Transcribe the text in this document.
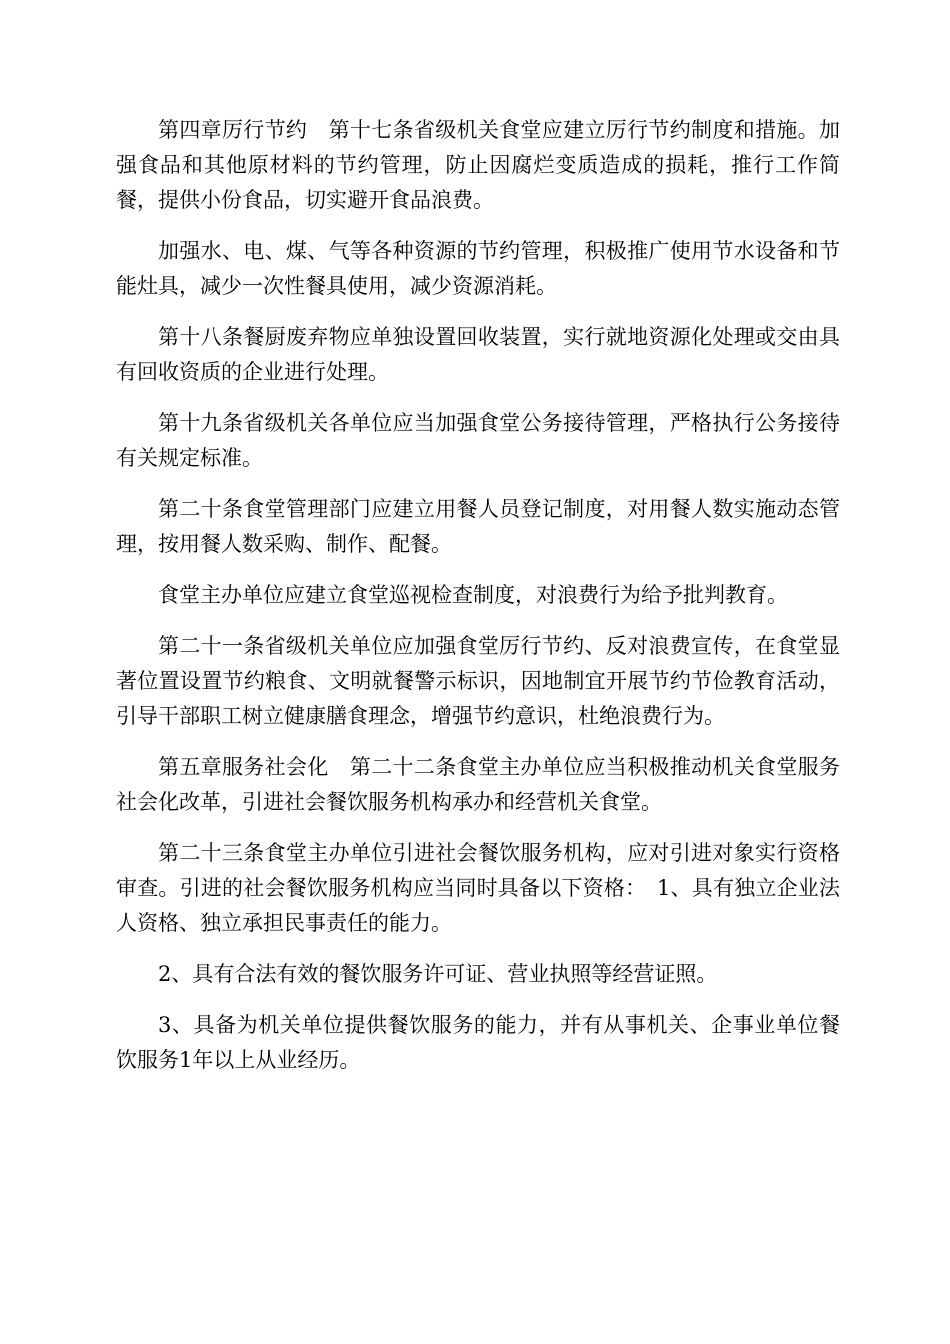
第四章厉行节约　第十七条省级机关食堂应建立厉行节约制度和措施。加强食品和其他原材料的节约管理，防止因腐烂变质造成的损耗，推行工作简餐，提供小份食品，切实避开食品浪费。

加强水、电、煤、气等各种资源的节约管理，积极推广使用节水设备和节能灶具，减少一次性餐具使用，减少资源消耗。

第十八条餐厨废弃物应单独设置回收装置，实行就地资源化处理或交由具有回收资质的企业进行处理。

第十九条省级机关各单位应当加强食堂公务接待管理，严格执行公务接待有关规定标准。

第二十条食堂管理部门应建立用餐人员登记制度，对用餐人数实施动态管理，按用餐人数采购、制作、配餐。

食堂主办单位应建立食堂巡视检查制度，对浪费行为给予批判教育。

第二十一条省级机关单位应加强食堂厉行节约、反对浪费宣传，在食堂显著位置设置节约粮食、文明就餐警示标识，因地制宜开展节约节俭教育活动，引导干部职工树立健康膳食理念，增强节约意识，杜绝浪费行为。

第五章服务社会化　第二十二条食堂主办单位应当积极推动机关食堂服务社会化改革，引进社会餐饮服务机构承办和经营机关食堂。

第二十三条食堂主办单位引进社会餐饮服务机构，应对引进对象实行资格审查。引进的社会餐饮服务机构应当同时具备以下资格：　1、具有独立企业法人资格、独立承担民事责任的能力。

2、具有合法有效的餐饮服务许可证、营业执照等经营证照。

3、具备为机关单位提供餐饮服务的能力，并有从事机关、企事业单位餐饮服务1年以上从业经历。
